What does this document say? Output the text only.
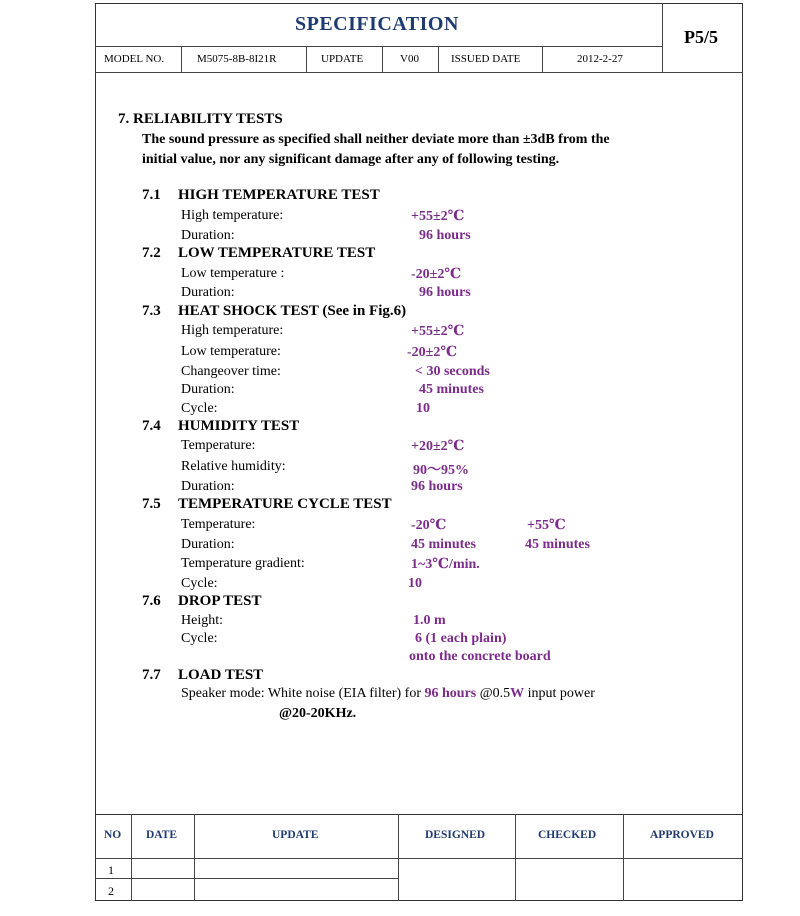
SPECIFICATION
P5/5
MODEL NO.	M5075-8B-8I21R	UPDATE	V00	ISSUED DATE	2012-2-27
7. RELIABILITY TESTS
The sound pressure as specified shall neither deviate more than ±3dB from the
initial value, nor any significant damage after any of following testing.
7.1 HIGH TEMPERATURE TEST
High temperature:	+55±2℃
Duration:	96 hours
7.2 LOW TEMPERATURE TEST
Low temperature :	-20±2℃
Duration:	96 hours
7.3 HEAT SHOCK TEST (See in Fig.6)
High temperature:	+55±2℃
Low temperature:	-20±2℃
Changeover time:	< 30 seconds
Duration:	45 minutes
Cycle:	10
7.4 HUMIDITY TEST
Temperature:	+20±2℃
Relative humidity:	90～95%
Duration:	96 hours
7.5 TEMPERATURE CYCLE TEST
Temperature:	-20℃	+55℃
Duration:	45 minutes	45 minutes
Temperature gradient:	1~3℃/min.
Cycle:	10
7.6 DROP TEST
Height:	1.0 m
Cycle:	6 (1 each plain)
onto the concrete board
7.7 LOAD TEST
Speaker mode: White noise (EIA filter) for 96 hours @0.5W input power
@20-20KHz.
NO DATE	UPDATE	DESIGNED	CHECKED	APPROVED
1
2
